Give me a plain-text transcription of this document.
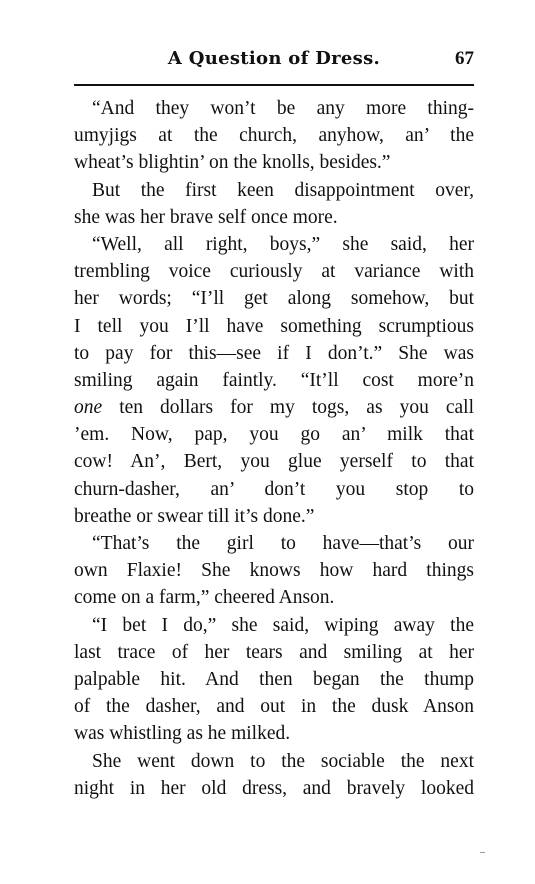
A Question of Dress.	67
“And they won’t be any more thing-
umyjigs at the church, anyhow, an’ the
wheat’s blightin’ on the knolls, besides.”
But the first keen disappointment over,
she was her brave self once more.
“Well, all right, boys,” she said, her
trembling voice curiously at variance with
her words; “I’ll get along somehow, but
I tell you I’ll have something scrumptious
to pay for this—see if I don’t.” She was
smiling again faintly. “It’ll cost more’n
one ten dollars for my togs, as you call
’em. Now, pap, you go an’ milk that
cow! An’, Bert, you glue yerself to that
churn-dasher, an’ don’t you stop to
breathe or swear till it’s done.”
“That’s the girl to have—that’s our
own Flaxie! She knows how hard things
come on a farm,” cheered Anson.
“I bet I do,” she said, wiping away the
last trace of her tears and smiling at her
palpable hit. And then began the thump
of the dasher, and out in the dusk Anson
was whistling as he milked.
She went down to the sociable the next
night in her old dress, and bravely looked
